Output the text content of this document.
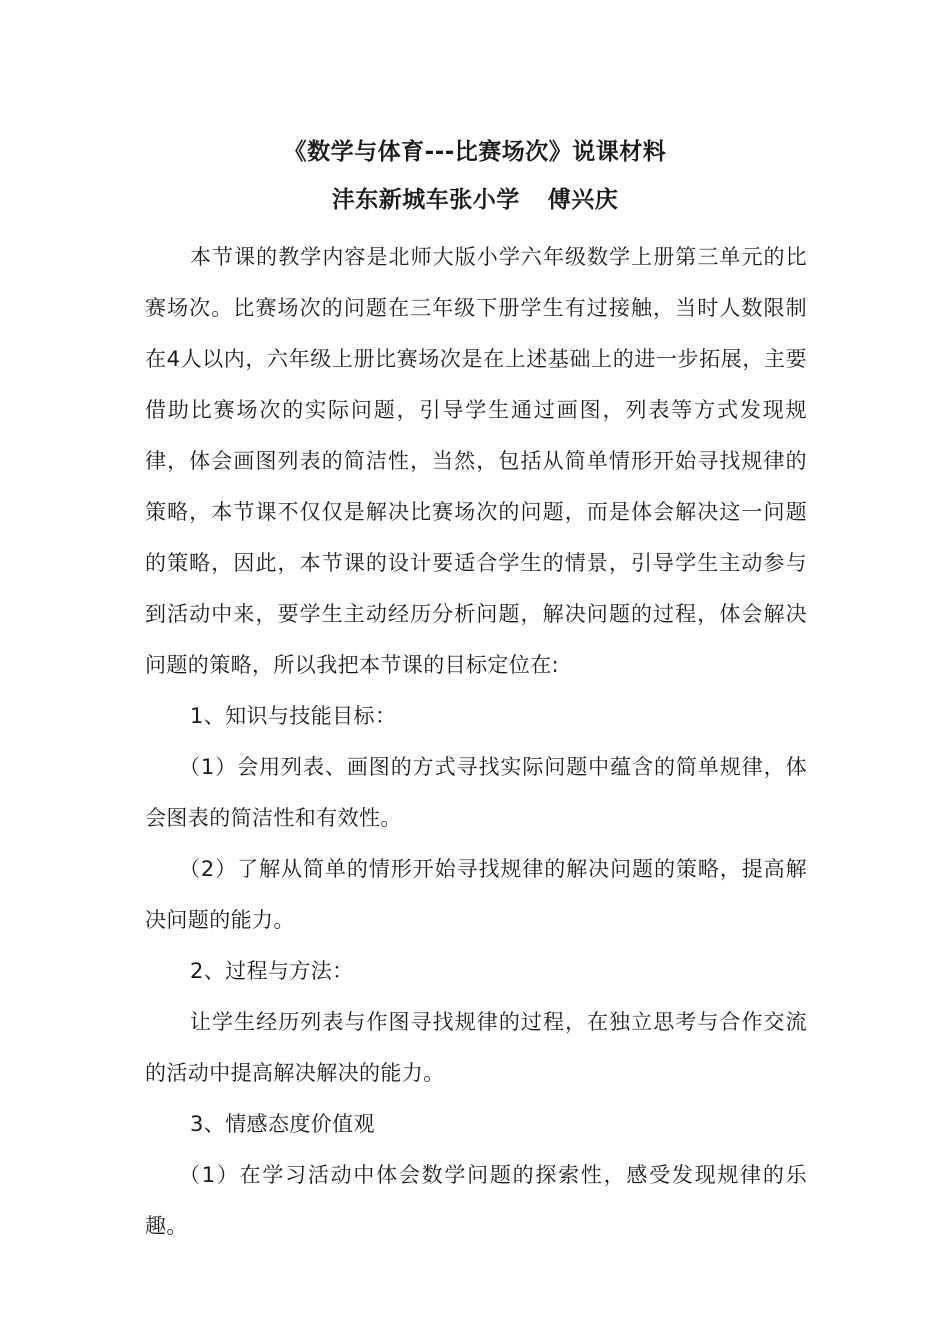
《数学与体育---比赛场次》说课材料
沣东新城车张小学 傅兴庆

本节课的教学内容是北师大版小学六年级数学上册第三单元的比赛场次。比赛场次的问题在三年级下册学生有过接触，当时人数限制在4人以内，六年级上册比赛场次是在上述基础上的进一步拓展，主要借助比赛场次的实际问题，引导学生通过画图，列表等方式发现规律，体会画图列表的简洁性，当然，包括从简单情形开始寻找规律的策略，本节课不仅仅是解决比赛场次的问题，而是体会解决这一问题的策略，因此，本节课的设计要适合学生的情景，引导学生主动参与到活动中来，要学生主动经历分析问题，解决问题的过程，体会解决问题的策略，所以我把本节课的目标定位在:

1、知识与技能目标：

（1）会用列表、画图的方式寻找实际问题中蕴含的简单规律，体会图表的简洁性和有效性。

（2）了解从简单的情形开始寻找规律的解决问题的策略，提高解决问题的能力。

2、过程与方法：

让学生经历列表与作图寻找规律的过程，在独立思考与合作交流的活动中提高解决解决的能力。

3、情感态度价值观

（1）在学习活动中体会数学问题的探索性，感受发现规律的乐趣。
